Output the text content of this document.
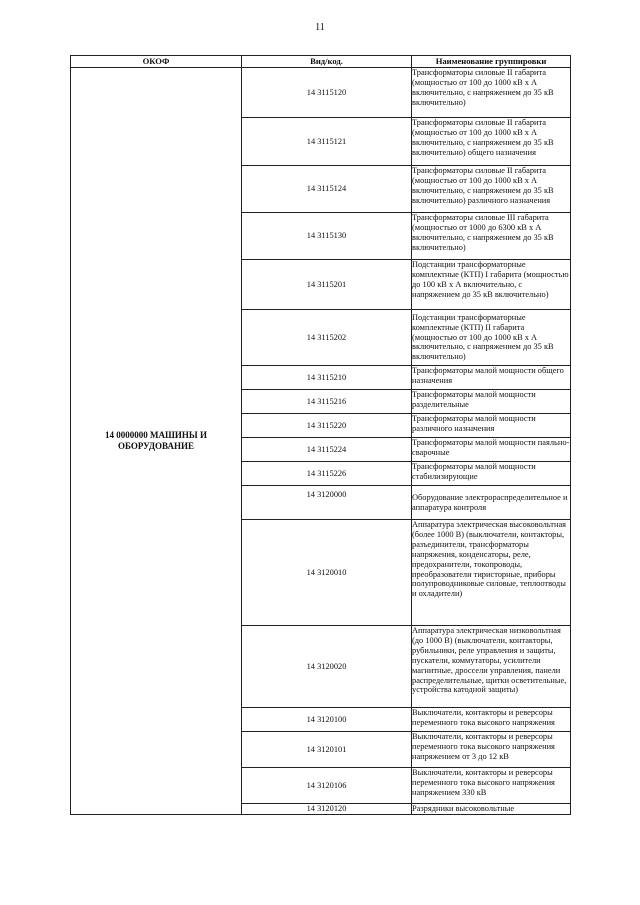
11
ОКОФ	Вид/код.	Наименование группировки
14 0000000 МАШИНЫ И ОБОРУДОВАНИЕ	14 3115120	Трансформаторы силовые II габарита (мощностью от 100 до 1000 кВ х А включительно, с напряжением до 35 кВ включительно)
	14 3115121	Трансформаторы силовые II габарита (мощностью от 100 до 1000 кВ х А включительно, с напряжением до 35 кВ включительно) общего назначения
	14 3115124	Трансформаторы силовые II габарита (мощностью от 100 до 1000 кВ х А включительно, с напряжением до 35 кВ включительно) различного назначения
	14 3115130	Трансформаторы силовые III габарита (мощностью от 1000 до 6300 кВ х А включительно, с напряжением до 35 кВ включительно)
	14 3115201	Подстанции трансформаторные комплектные (КТП) I габарита (мощностью до 100 кВ х А включительно, с напряжением до 35 кВ включительно)
	14 3115202	Подстанции трансформаторные комплектные (КТП) II габарита (мощностью от 100 до 1000 кВ х А включительно, с напряжением до 35 кВ включительно)
	14 3115210	Трансформаторы малой мощности общего назначения
	14 3115216	Трансформаторы малой мощности разделительные
	14 3115220	Трансформаторы малой мощности различного назначения
	14 3115224	Трансформаторы малой мощности паяльно-сварочные
	14 3115226	Трансформаторы малой мощности стабилизирующие
	14 3120000	Оборудование электрораспределительное и аппаратура контроля
	14 3120010	Аппаратура электрическая высоковольтная (более 1000 В) (выключатели, контакторы, разъединители, трансформаторы напряжения, конденсаторы, реле, предохранители, токопроводы, преобразователи тиристорные, приборы полупроводниковые силовые, теплоотводы и охладители)
	14 3120020	Аппаратура электрическая низковольтная (до 1000 В) (выключатели, контакторы, рубильники, реле управления и защиты, пускатели, коммутаторы, усилители магнитные, дроссели управления, панели распределительные, щитки осветительные, устройства катодной защиты)
	14 3120100	Выключатели, контакторы и реверсоры переменного тока высокого напряжения
	14 3120101	Выключатели, контакторы и реверсоры переменного тока высокого напряжения напряжением от 3 до 12 кВ
	14 3120106	Выключатели, контакторы и реверсоры переменного тока высокого напряжения напряжением 330 кВ
	14 3120120	Разрядники высоковольтные
